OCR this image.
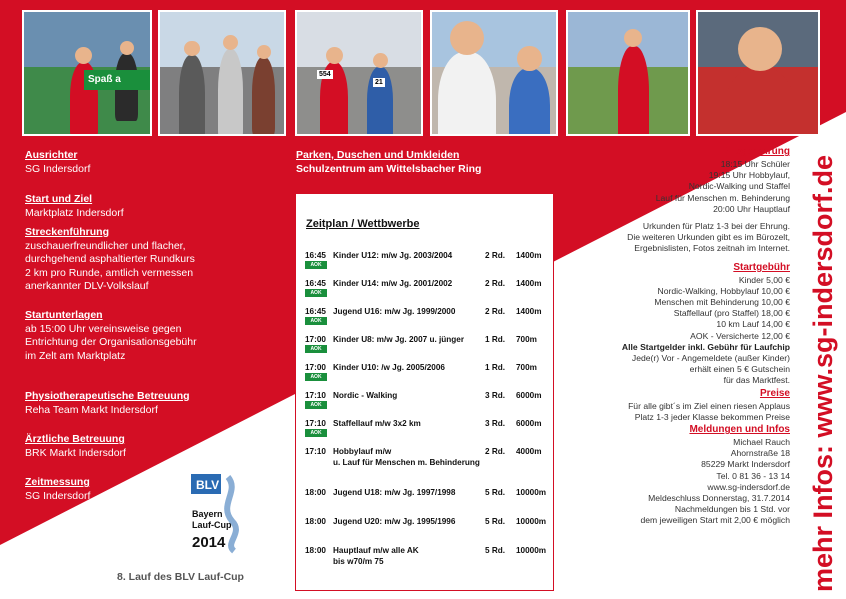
Spaß a	554
21
Ausrichter
SG Indersdorf
Start und Ziel
Marktplatz Indersdorf
Streckenführung
zuschauerfreundlicher und flacher,
durchgehend asphaltierter Rundkurs
2 km pro Runde, amtlich vermessen
anerkannter DLV-Volkslauf
Startunterlagen
ab 15:00 Uhr vereinsweise gegen
Entrichtung der Organisationsgebühr
im Zelt am Marktplatz
Physiotherapeutische Betreuung
Reha Team Markt Indersdorf
Ärztliche Betreuung
BRK Markt Indersdorf
Zeitmessung
SG Indersdorf
Parken, Duschen und Umkleiden
Schulzentrum am Wittelsbacher Ring
Zeitplan / Wettbwerbe
16:45 Kinder U12: m/w Jg. 2003/2004	2 Rd. 1400m
AOK
16:45 Kinder U14: m/w Jg. 2001/2002	2 Rd. 1400m
AOK
16:45 Jugend U16: m/w Jg. 1999/2000	2 Rd. 1400m
AOK
17:00 Kinder U8: m/w Jg. 2007 u. jünger	1 Rd. 700m
AOK
17:00 Kinder U10: /w Jg. 2005/2006	1 Rd. 700m
AOK
17:10 Nordic - Walking	3 Rd. 6000m
AOK
17:10 Staffellauf m/w 3x2 km	3 Rd. 6000m
AOK
17:10 Hobbylauf m/w	2 Rd. 4000m
u. Lauf für Menschen m. Behinderung
18:00 Jugend U18: m/w Jg. 1997/1998	5 Rd. 10000m
18:00 Jugend U20: m/w Jg. 1995/1996	5 Rd. 10000m
18:00 Hauptlauf m/w alle AK	5 Rd. 10000m
bis w70/m 75
Siegerehrung
18:15 Uhr Schüler
19:15 Uhr Hobbylauf,
Nordic-Walking und Staffel
Lauf für Menschen m. Behinderung
20:00 Uhr Hauptlauf
Urkunden für Platz 1-3 bei der Ehrung.
Die weiteren Urkunden gibt es im Bürozelt,
Ergebnislisten, Fotos zeitnah im Internet.
Startgebühr
Kinder 5,00 €
Nordic-Walking, Hobbylauf 10,00 €
Menschen mit Behinderung 10,00 €
Staffellauf (pro Staffel) 18,00 €
10 km Lauf 14,00 €
AOK - Versicherte 12,00 €
Alle Startgelder inkl. Gebühr für Laufchip
Jede(r) Vor - Angemeldete (außer Kinder)
erhält einen 5 € Gutschein
für das Marktfest.
Preise
Für alle gibt´s im Ziel einen riesen Applaus
Platz 1-3 jeder Klasse bekommen Preise
Meldungen und Infos
Michael Rauch
Ahornstraße 18
85229 Markt Indersdorf
Tel. 0 81 36 - 13 14
www.sg-indersdorf.de
Meldeschluss Donnerstag, 31.7.2014
Nachmeldungen bis 1 Std. vor
dem jeweiligen Start mit 2,00 € möglich mehr Infos: www.sg-indersdorf.de
BLV
Bayern
Lauf-Cup
2014
8. Lauf des BLV Lauf-Cup
